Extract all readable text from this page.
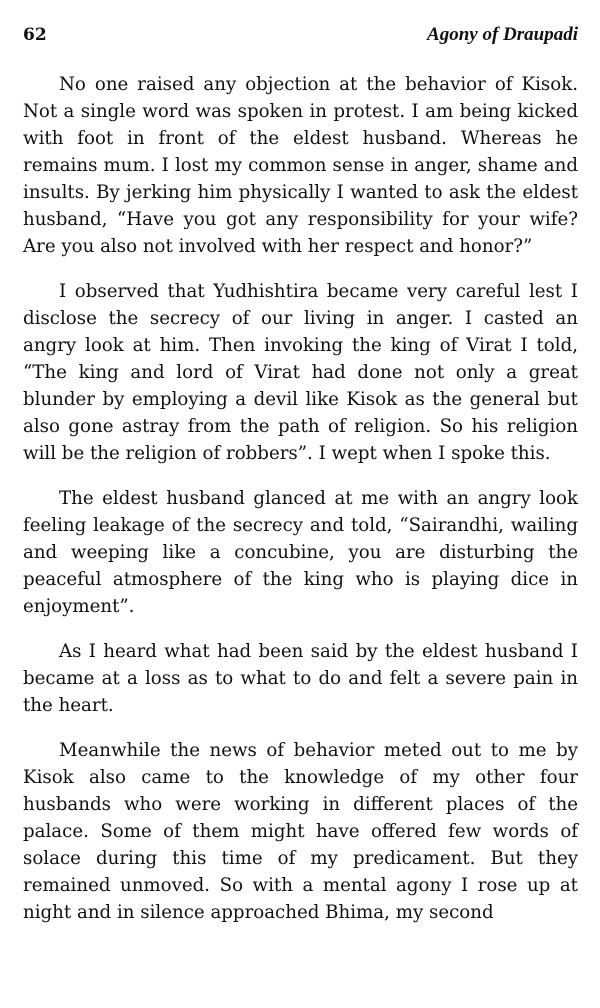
62	Agony of Draupadi

No one raised any objection at the behavior of Kisok. Not a single word was spoken in protest. I am being kicked with foot in front of the eldest husband. Whereas he remains mum. I lost my common sense in anger, shame and insults. By jerking him physically I wanted to ask the eldest husband, “Have you got any responsibility for your wife? Are you also not involved with her respect and honor?”

I observed that Yudhishtira became very careful lest I disclose the secrecy of our living in anger. I casted an angry look at him. Then invoking the king of Virat I told, “The king and lord of Virat had done not only a great blunder by employing a devil like Kisok as the general but also gone astray from the path of religion. So his religion will be the religion of robbers”. I wept when I spoke this.

The eldest husband glanced at me with an angry look feeling leakage of the secrecy and told, “Sairandhi, wailing and weeping like a concubine, you are disturbing the peaceful atmosphere of the king who is playing dice in enjoyment”.

As I heard what had been said by the eldest husband I became at a loss as to what to do and felt a severe pain in the heart.

Meanwhile the news of behavior meted out to me by Kisok also came to the knowledge of my other four husbands who were working in different places of the palace. Some of them might have offered few words of solace during this time of my predicament. But they remained unmoved. So with a mental agony I rose up at night and in silence approached Bhima, my second
